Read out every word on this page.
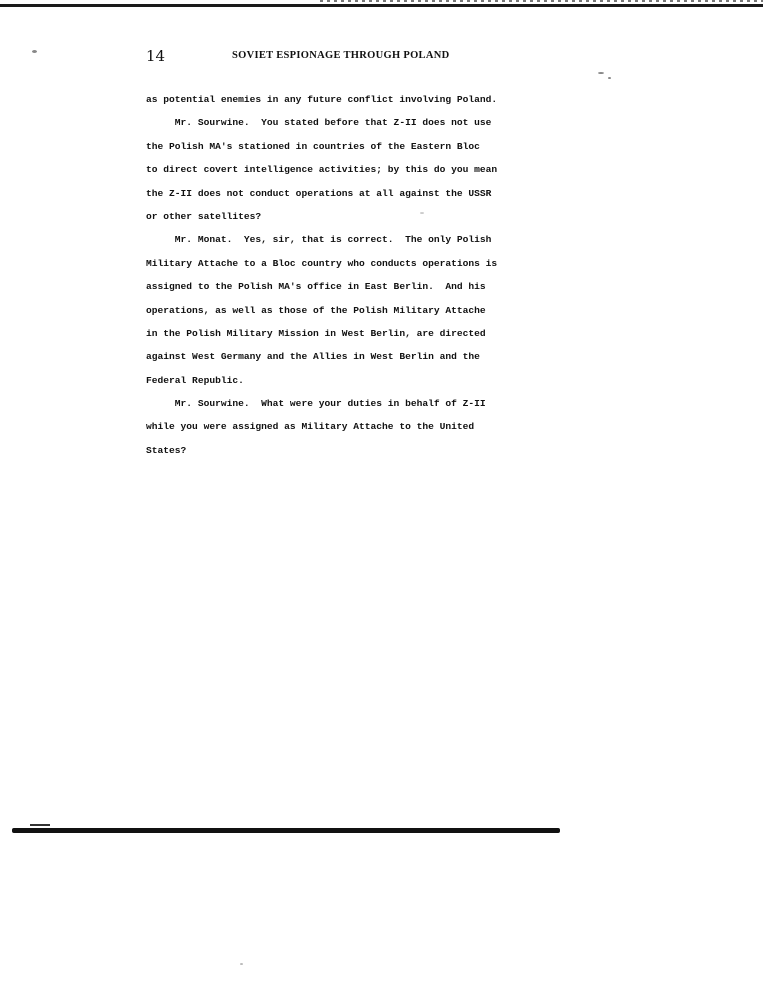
14	SOVIET ESPIONAGE THROUGH POLAND
as potential enemies in any future conflict involving Poland.
Mr. Sourwine.  You stated before that Z-II does not use
the Polish MA's stationed in countries of the Eastern Bloc
to direct covert intelligence activities; by this do you mean
the Z-II does not conduct operations at all against the USSR
or other satellites?
Mr. Monat.  Yes, sir, that is correct.  The only Polish
Military Attache to a Bloc country who conducts operations is
assigned to the Polish MA's office in East Berlin.  And his
operations, as well as those of the Polish Military Attache
in the Polish Military Mission in West Berlin, are directed
against West Germany and the Allies in West Berlin and the
Federal Republic.
Mr. Sourwine.  What were your duties in behalf of Z-II
while you were assigned as Military Attache to the United
States?
